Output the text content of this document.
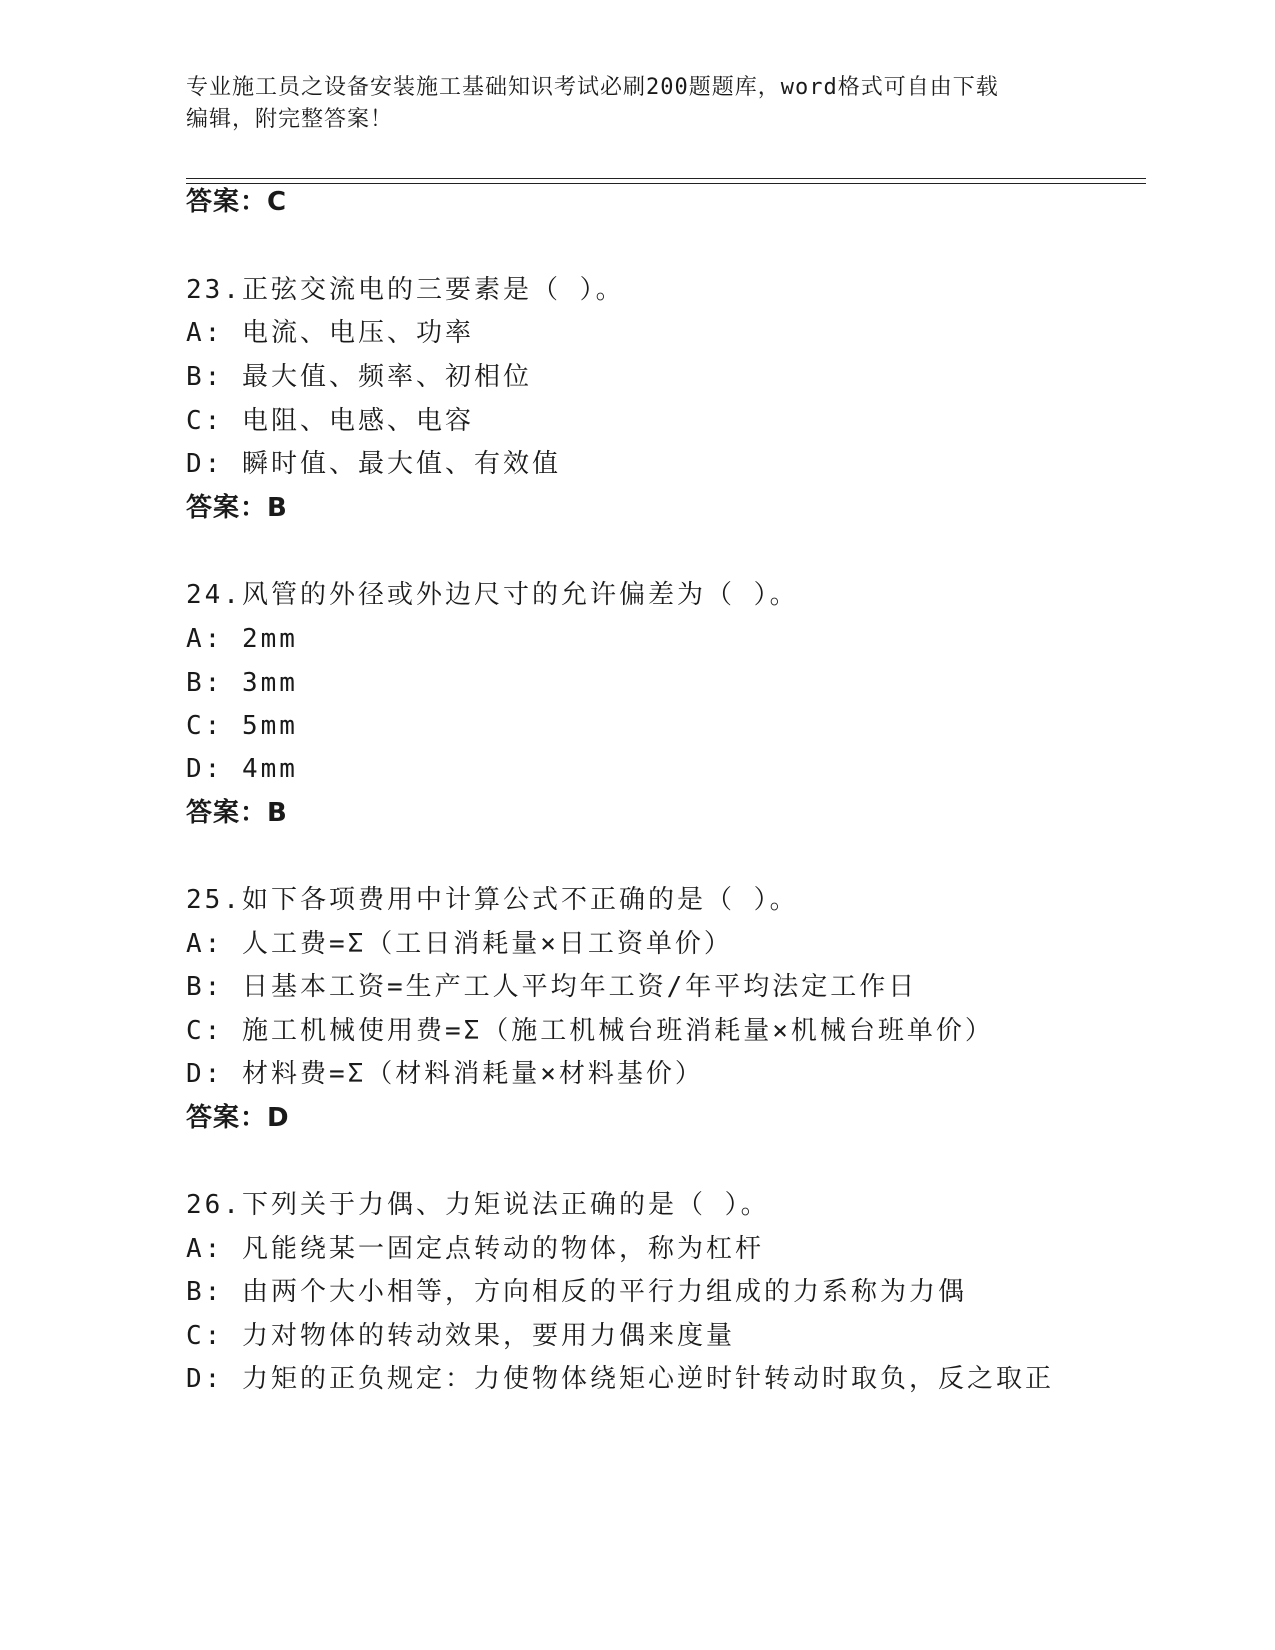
专业施工员之设备安装施工基础知识考试必刷200题题库，word格式可自由下载
编辑，附完整答案！
答案：C
23.正弦交流电的三要素是（ ）。
A: 电流、电压、功率
B: 最大值、频率、初相位
C: 电阻、电感、电容
D: 瞬时值、最大值、有效值
答案：B
24.风管的外径或外边尺寸的允许偏差为（ ）。
A: 2mm
B: 3mm
C: 5mm
D: 4mm
答案：B
25.如下各项费用中计算公式不正确的是（ ）。
A: 人工费=Σ（工日消耗量×日工资单价）
B: 日基本工资=生产工人平均年工资/年平均法定工作日
C: 施工机械使用费=Σ（施工机械台班消耗量×机械台班单价）
D: 材料费=Σ（材料消耗量×材料基价）
答案：D
26.下列关于力偶、力矩说法正确的是（ ）。
A: 凡能绕某一固定点转动的物体，称为杠杆
B: 由两个大小相等，方向相反的平行力组成的力系称为力偶
C: 力对物体的转动效果，要用力偶来度量
D: 力矩的正负规定：力使物体绕矩心逆时针转动时取负，反之取正
